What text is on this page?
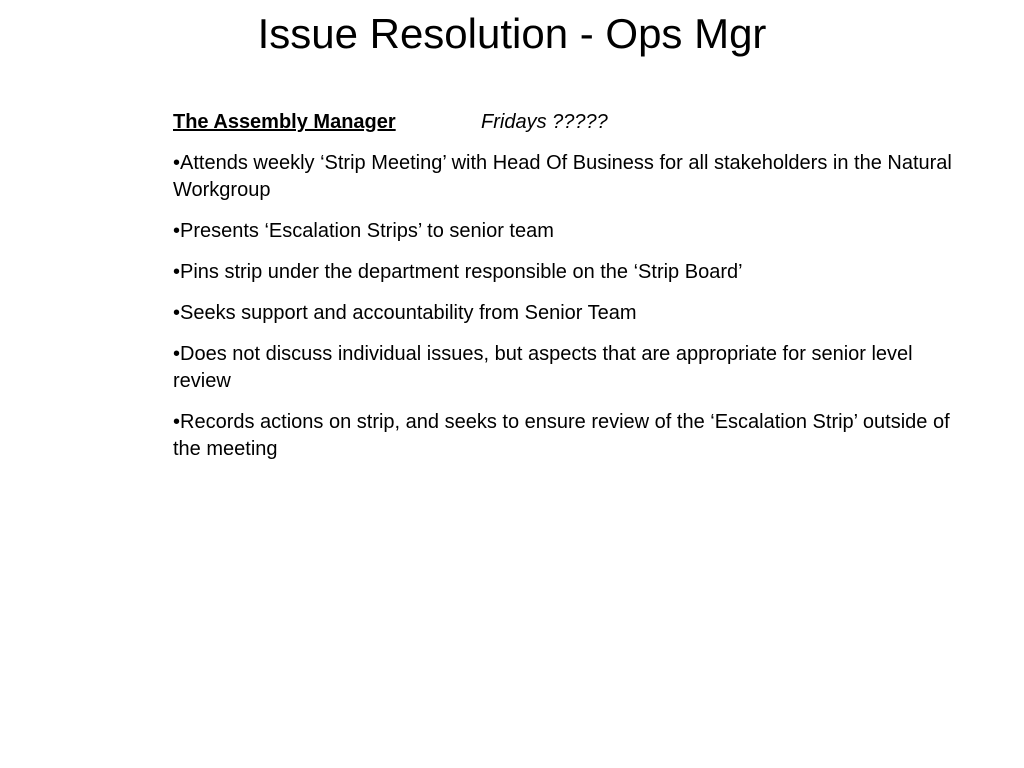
Issue Resolution - Ops Mgr

The Assembly Manager	Fridays ?????

•Attends weekly ‘Strip Meeting’ with Head Of Business for all stakeholders in the Natural Workgroup
•Presents ‘Escalation Strips’ to senior team
•Pins strip under the department responsible on the ‘Strip Board’
•Seeks support and accountability from Senior Team
•Does not discuss individual issues, but aspects that are appropriate for senior level review
•Records actions on strip, and seeks to ensure review of the ‘Escalation Strip’ outside of the meeting
